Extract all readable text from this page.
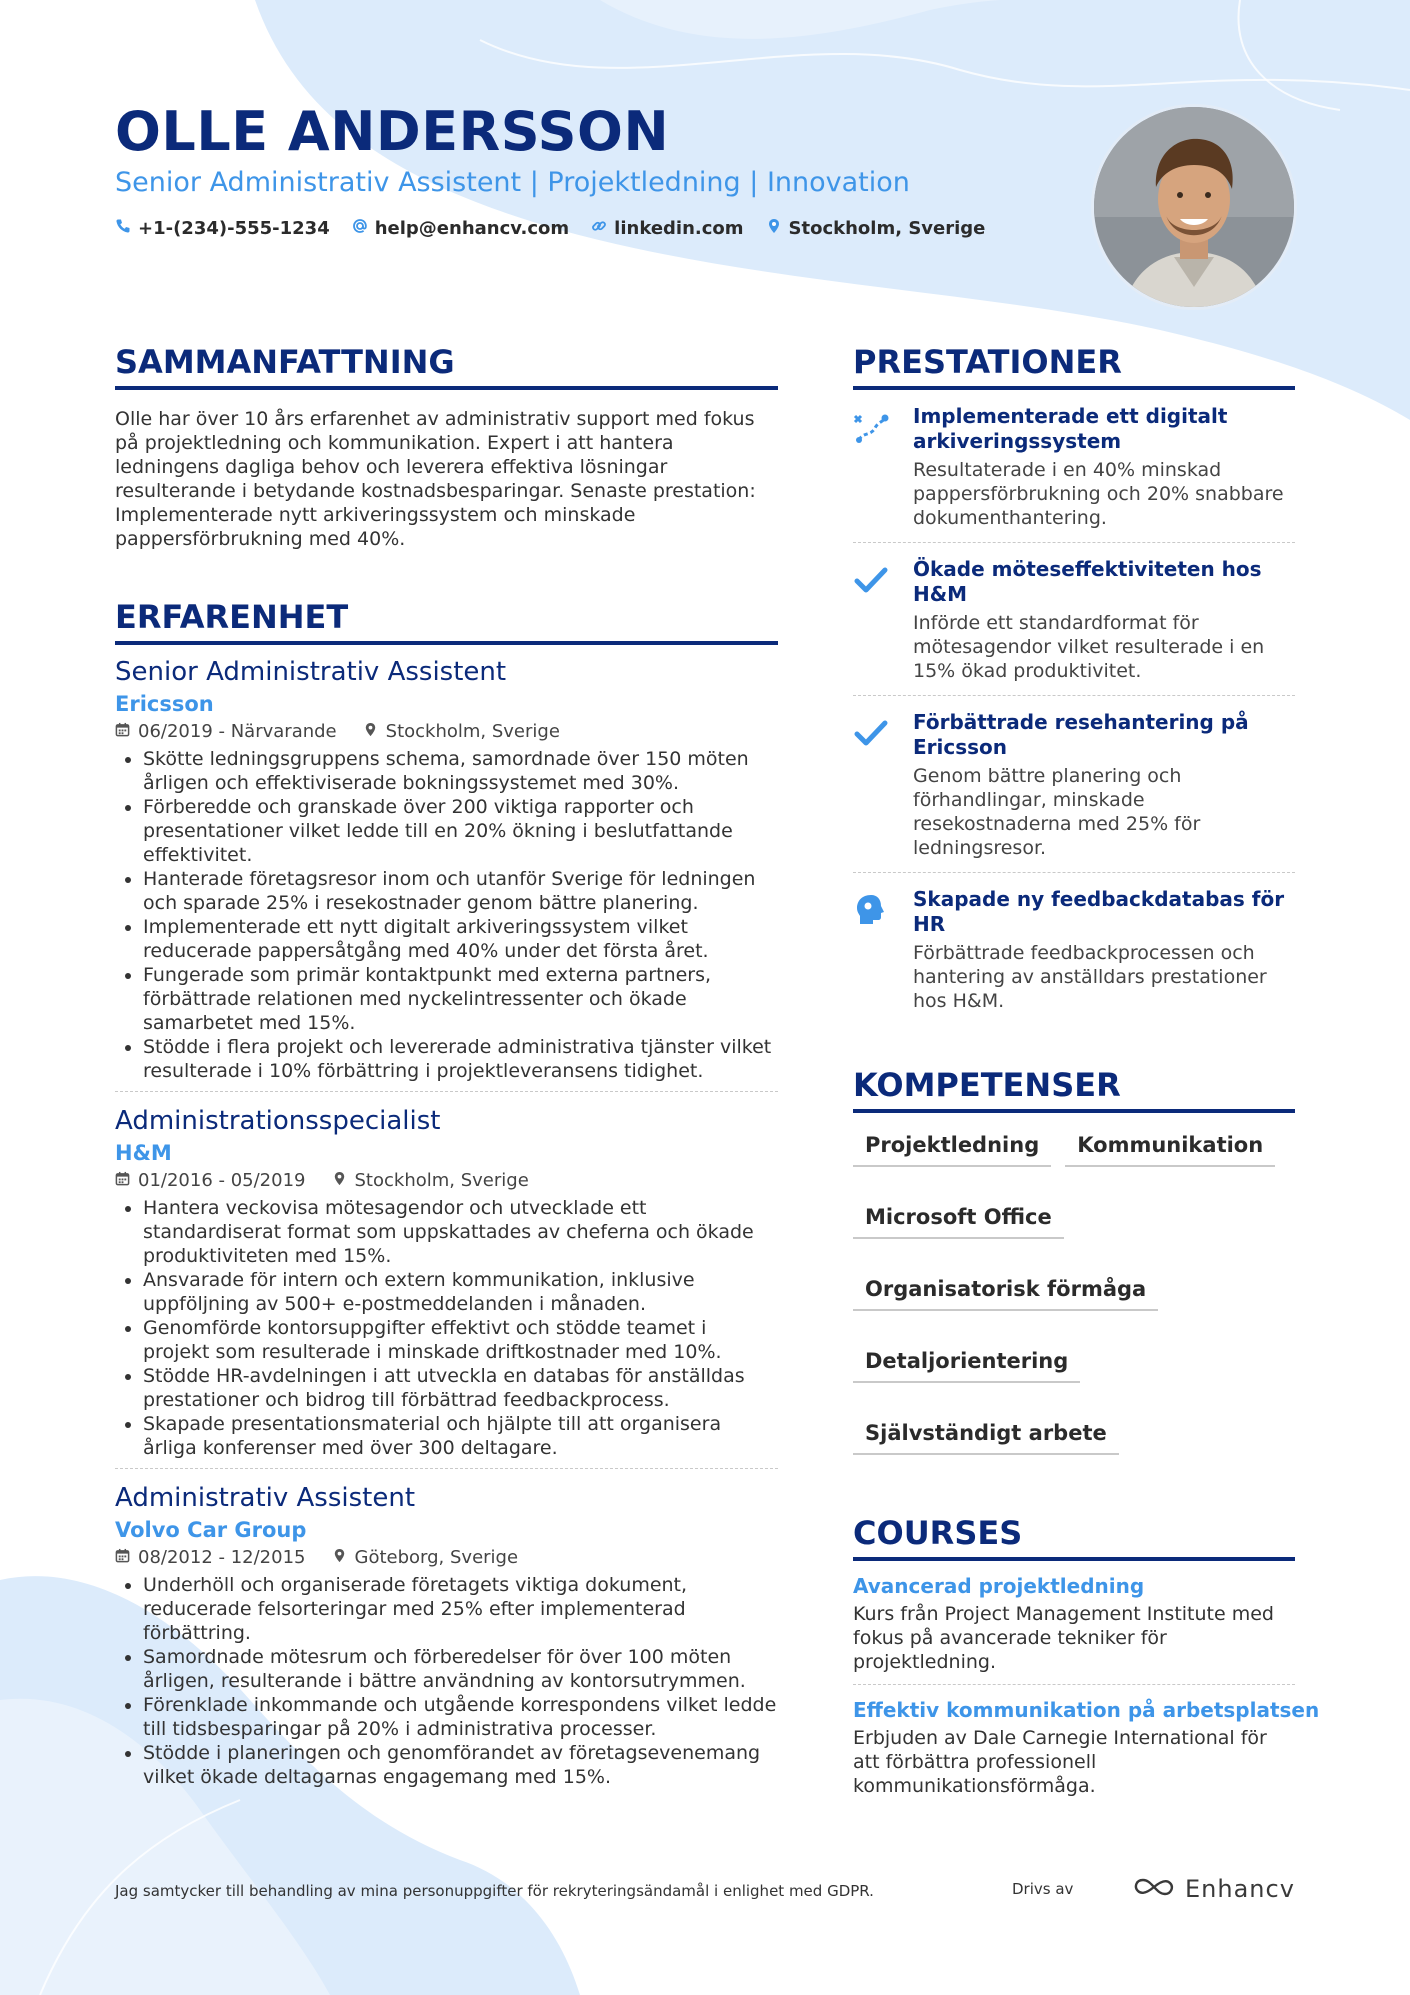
OLLE ANDERSSON
Senior Administrativ Assistent | Projektledning | Innovation
+1-(234)-555-1234	help@enhancv.com	linkedin.com	Stockholm, Sverige
SAMMANFATTNING
Olle har över 10 års erfarenhet av administrativ support med fokus på projektledning och kommunikation. Expert i att hantera ledningens dagliga behov och leverera effektiva lösningar resulterande i betydande kostnadsbesparingar. Senaste prestation: Implementerade nytt arkiveringssystem och minskade pappersförbrukning med 40%.
ERFARENHET
Senior Administrativ Assistent
Ericsson
06/2019 - Närvarande	Stockholm, Sverige
• Skötte ledningsgruppens schema, samordnade över 150 möten årligen och effektiviserade bokningssystemet med 30%.
• Förberedde och granskade över 200 viktiga rapporter och presentationer vilket ledde till en 20% ökning i beslutfattande effektivitet.
• Hanterade företagsresor inom och utanför Sverige för ledningen och sparade 25% i resekostnader genom bättre planering.
• Implementerade ett nytt digitalt arkiveringssystem vilket reducerade pappersåtgång med 40% under det första året.
• Fungerade som primär kontaktpunkt med externa partners, förbättrade relationen med nyckelintressenter och ökade samarbetet med 15%.
• Stödde i flera projekt och levererade administrativa tjänster vilket resulterade i 10% förbättring i projektleveransens tidighet.
Administrationsspecialist
H&M
01/2016 - 05/2019	Stockholm, Sverige
• Hantera veckovisa mötesagendor och utvecklade ett standardiserat format som uppskattades av cheferna och ökade produktiviteten med 15%.
• Ansvarade för intern och extern kommunikation, inklusive uppföljning av 500+ e-postmeddelanden i månaden.
• Genomförde kontorsuppgifter effektivt och stödde teamet i projekt som resulterade i minskade driftkostnader med 10%.
• Stödde HR-avdelningen i att utveckla en databas för anställdas prestationer och bidrog till förbättrad feedbackprocess.
• Skapade presentationsmaterial och hjälpte till att organisera årliga konferenser med över 300 deltagare.
Administrativ Assistent
Volvo Car Group
08/2012 - 12/2015	Göteborg, Sverige
• Underhöll och organiserade företagets viktiga dokument, reducerade felsorteringar med 25% efter implementerad förbättring.
• Samordnade mötesrum och förberedelser för över 100 möten årligen, resulterande i bättre användning av kontorsutrymmen.
• Förenklade inkommande och utgående korrespondens vilket ledde till tidsbesparingar på 20% i administrativa processer.
• Stödde i planeringen och genomförandet av företagsevenemang vilket ökade deltagarnas engagemang med 15%.
PRESTATIONER
Implementerade ett digitalt arkiveringssystem
Resultaterade i en 40% minskad pappersförbrukning och 20% snabbare dokumenthantering.
Ökade möteseffektiviteten hos H&M
Införde ett standardformat för mötesagendor vilket resulterade i en 15% ökad produktivitet.
Förbättrade resehantering på Ericsson
Genom bättre planering och förhandlingar, minskade resekostnaderna med 25% för ledningsresor.
Skapade ny feedbackdatabas för HR
Förbättrade feedbackprocessen och hantering av anställdars prestationer hos H&M.
KOMPETENSER
Projektledning	Kommunikation
Microsoft Office
Organisatorisk förmåga
Detaljorientering
Självständigt arbete
COURSES
Avancerad projektledning
Kurs från Project Management Institute med fokus på avancerade tekniker för projektledning.
Effektiv kommunikation på arbetsplatsen
Erbjuden av Dale Carnegie International för att förbättra professionell kommunikationsförmåga.
Jag samtycker till behandling av mina personuppgifter för rekryteringsändamål i enlighet med GDPR.	Drivs av	Enhancv
